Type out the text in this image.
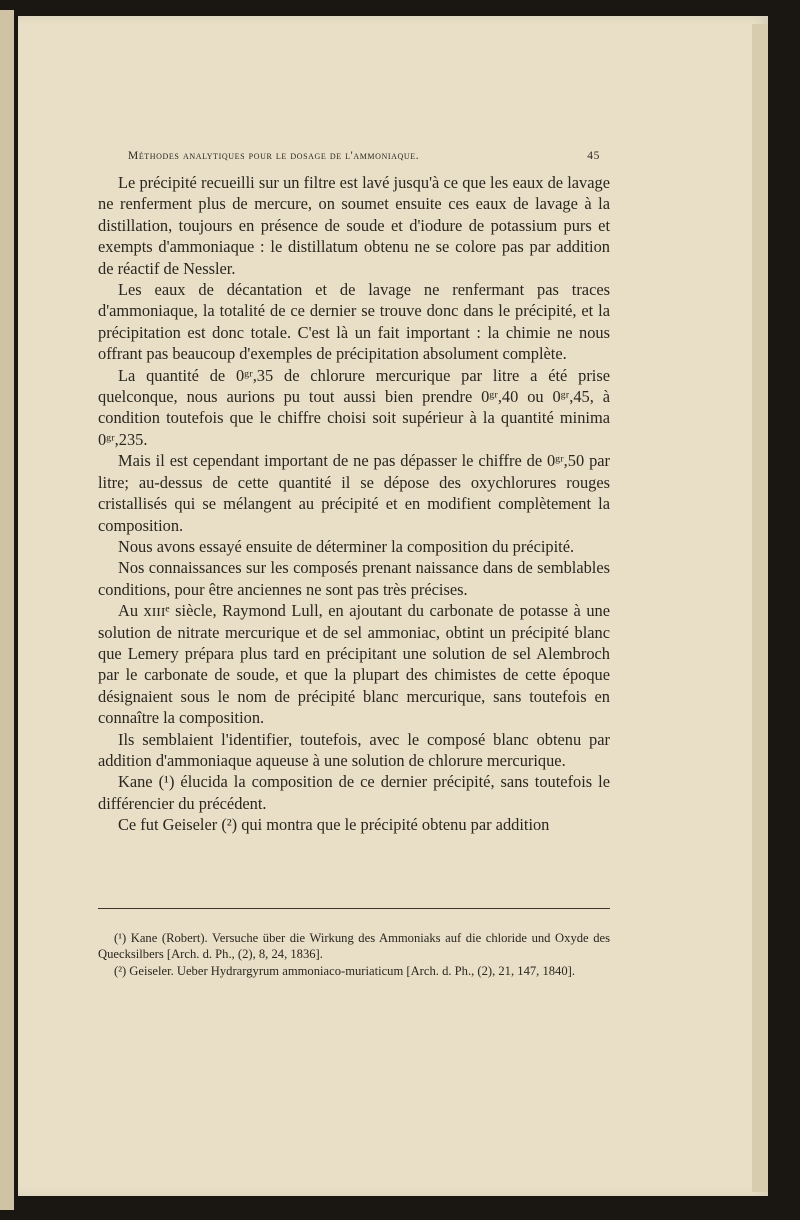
Méthodes analytiques pour le dosage de l'ammoniaque.	45

Le précipité recueilli sur un filtre est lavé jusqu'à ce que les eaux de lavage ne renferment plus de mercure, on soumet ensuite ces eaux de lavage à la distillation, toujours en présence de soude et d'iodure de potassium purs et exempts d'ammoniaque : le distillatum obtenu ne se colore pas par addition de réactif de Nessler.

Les eaux de décantation et de lavage ne renfermant pas traces d'ammoniaque, la totalité de ce dernier se trouve donc dans le précipité, et la précipitation est donc totale. C'est là un fait important : la chimie ne nous offrant pas beaucoup d'exemples de précipitation absolument complète.

La quantité de 0ᵍʳ,35 de chlorure mercurique par litre a été prise quelconque, nous aurions pu tout aussi bien prendre 0ᵍʳ,40 ou 0ᵍʳ,45, à condition toutefois que le chiffre choisi soit supérieur à la quantité minima 0ᵍʳ,235.

Mais il est cependant important de ne pas dépasser le chiffre de 0ᵍʳ,50 par litre; au-dessus de cette quantité il se dépose des oxychlorures rouges cristallisés qui se mélangent au précipité et en modifient complètement la composition.

Nous avons essayé ensuite de déterminer la composition du précipité.

Nos connaissances sur les composés prenant naissance dans de semblables conditions, pour être anciennes ne sont pas très précises.

Au xɪɪɪᵉ siècle, Raymond Lull, en ajoutant du carbonate de potasse à une solution de nitrate mercurique et de sel ammoniac, obtint un précipité blanc que Lemery prépara plus tard en précipitant une solution de sel Alembroch par le carbonate de soude, et que la plupart des chimistes de cette époque désignaient sous le nom de précipité blanc mercurique, sans toutefois en connaître la composition.

Ils semblaient l'identifier, toutefois, avec le composé blanc obtenu par addition d'ammoniaque aqueuse à une solution de chlorure mercurique.

Kane (¹) élucida la composition de ce dernier précipité, sans toutefois le différencier du précédent.

Ce fut Geiseler (²) qui montra que le précipité obtenu par addition

(¹) Kane (Robert). Versuche über die Wirkung des Ammoniaks auf die chloride und Oxyde des Quecksilbers [Arch. d. Ph., (2), 8, 24, 1836].

(²) Geiseler. Ueber Hydrargyrum ammoniaco-muriaticum [Arch. d. Ph., (2), 21, 147, 1840].
